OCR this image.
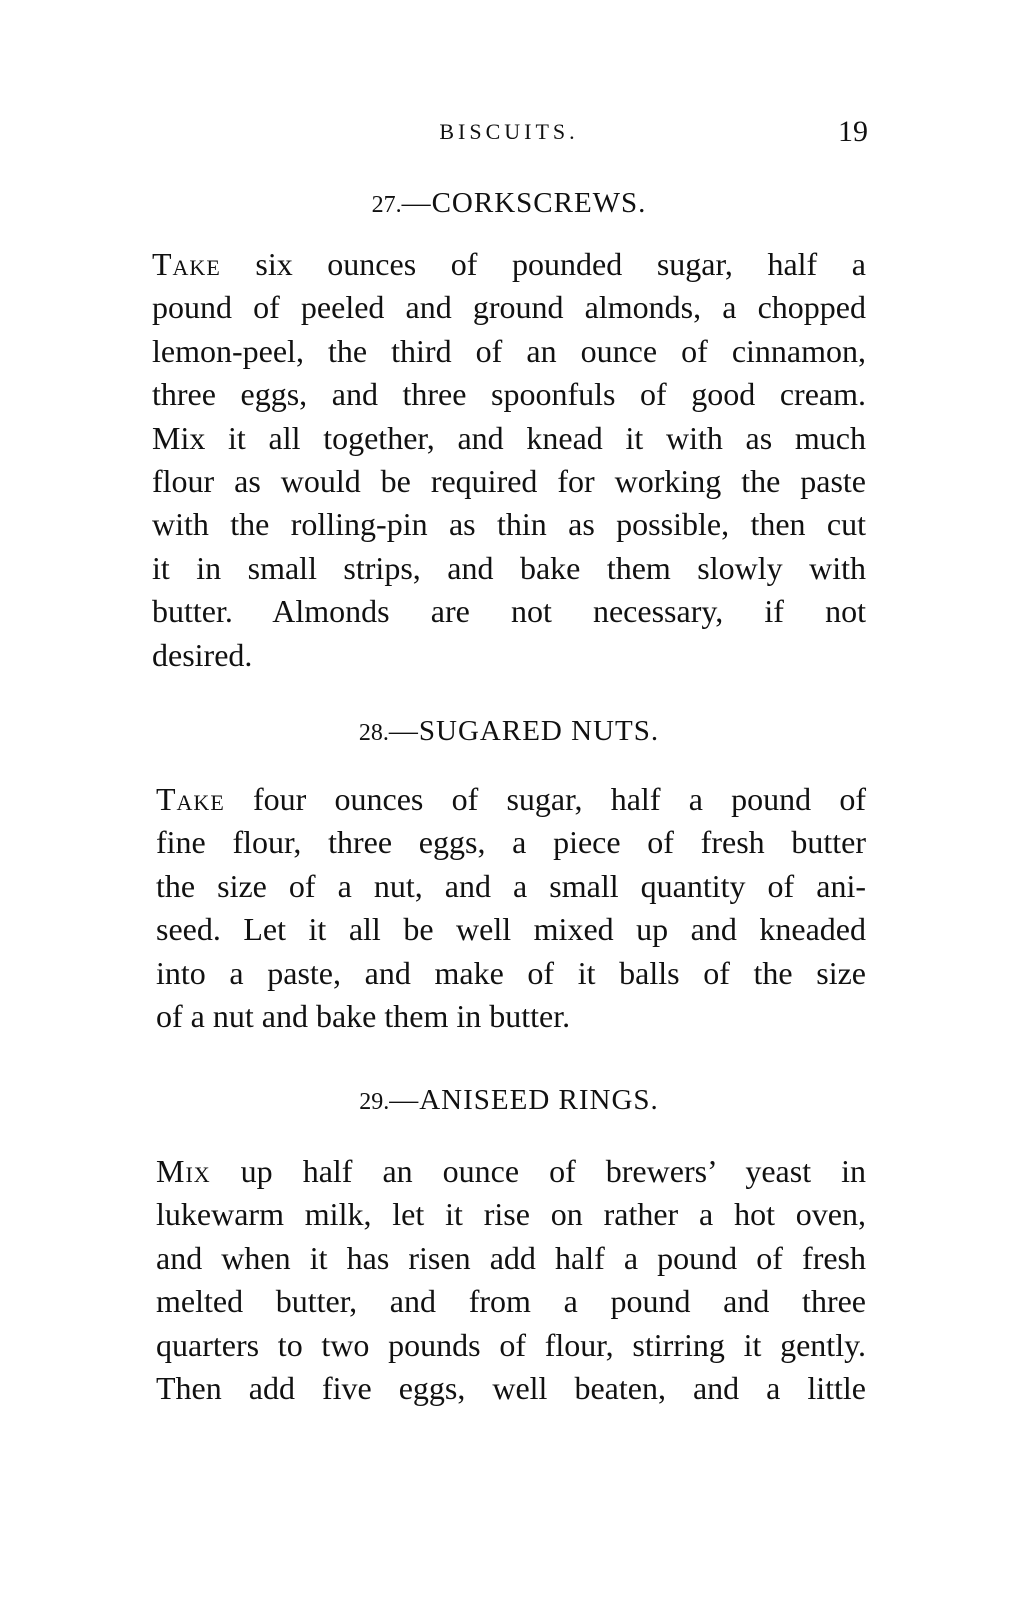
BISCUITS.	19
27.—CORKSCREWS.
Take six ounces of pounded sugar, half a
pound of peeled and ground almonds, a chopped
lemon-peel, the third of an ounce of cinnamon,
three eggs, and three spoonfuls of good cream.
Mix it all together, and knead it with as much
flour as would be required for working the paste
with the rolling-pin as thin as possible, then cut
it in small strips, and bake them slowly with
butter. Almonds are not necessary, if not
desired.
28.—SUGARED NUTS.
Take four ounces of sugar, half a pound of
fine flour, three eggs, a piece of fresh butter
the size of a nut, and a small quantity of ani-
seed. Let it all be well mixed up and kneaded
into a paste, and make of it balls of the size
of a nut and bake them in butter.
29.—ANISEED RINGS.
Mix up half an ounce of brewers’ yeast in
lukewarm milk, let it rise on rather a hot oven,
and when it has risen add half a pound of fresh
melted butter, and from a pound and three
quarters to two pounds of flour, stirring it gently.
Then add five eggs, well beaten, and a little
